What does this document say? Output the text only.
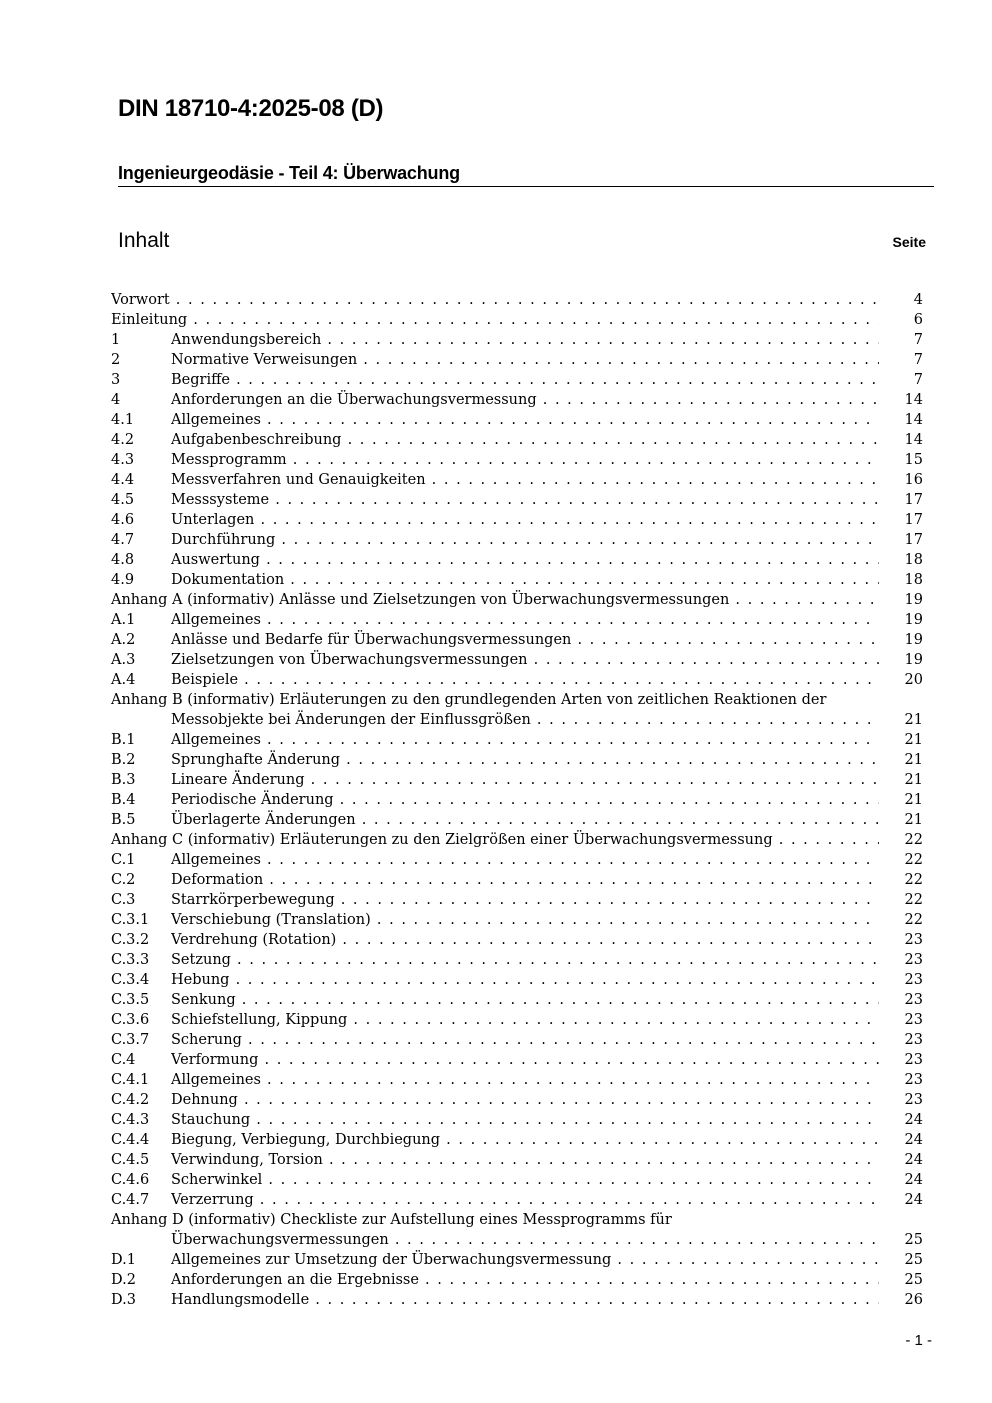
DIN 18710-4:2025-08 (D)
Ingenieurgeodäsie - Teil 4: Überwachung
Inhalt	Seite
Vorwort . . .	4
Einleitung . . .	6
1	Anwendungsbereich . . .	7
2	Normative Verweisungen . . .	7
3	Begriffe . . .	7
4	Anforderungen an die Überwachungsvermessung . . .	14
4.1	Allgemeines . . .	14
4.2	Aufgabenbeschreibung . . .	14
4.3	Messprogramm . . .	15
4.4	Messverfahren und Genauigkeiten . . .	16
4.5	Messsysteme . . .	17
4.6	Unterlagen . . .	17
4.7	Durchführung . . .	17
4.8	Auswertung . . .	18
4.9	Dokumentation . . .	18
Anhang A (informativ) Anlässe und Zielsetzungen von Überwachungsvermessungen . . .	19
A.1 Allgemeines . . .	19
A.2 Anlässe und Bedarfe für Überwachungsvermessungen . . .	19
A.3 Zielsetzungen von Überwachungsvermessungen . . .	19
A.4 Beispiele . . .	20
Anhang B (informativ) Erläuterungen zu den grundlegenden Arten von zeitlichen Reaktionen der
Messobjekte bei Änderungen der Einflussgrößen . . .	21
B.1 Allgemeines . . .	21
B.2 Sprunghafte Änderung . . .	21
B.3 Lineare Änderung . . .	21
B.4 Periodische Änderung . . .	21
B.5 Überlagerte Änderungen . . .	21
Anhang C (informativ) Erläuterungen zu den Zielgrößen einer Überwachungsvermessung . . .	22
C.1 Allgemeines . . .	22
C.2 Deformation . . .	22
C.3 Starrkörperbewegung . . .	22
C.3.1 Verschiebung (Translation) . . .	22
C.3.2 Verdrehung (Rotation) . . .	23
C.3.3 Setzung . . .	23
C.3.4 Hebung . . .	23
C.3.5 Senkung . . .	23
C.3.6 Schiefstellung, Kippung . . .	23
C.3.7 Scherung . . .	23
C.4 Verformung . . .	23
C.4.1 Allgemeines . . .	23
C.4.2 Dehnung . . .	23
C.4.3 Stauchung . . .	24
C.4.4 Biegung, Verbiegung, Durchbiegung . . .	24
C.4.5 Verwindung, Torsion . . .	24
C.4.6 Scherwinkel . . .	24
C.4.7 Verzerrung . . .	24
Anhang D (informativ) Checkliste zur Aufstellung eines Messprogramms für
Überwachungsvermessungen . . .	25
D.1 Allgemeines zur Umsetzung der Überwachungsvermessung . . .	25
D.2 Anforderungen an die Ergebnisse . . .	25
D.3 Handlungsmodelle . . .	26
- 1 -
